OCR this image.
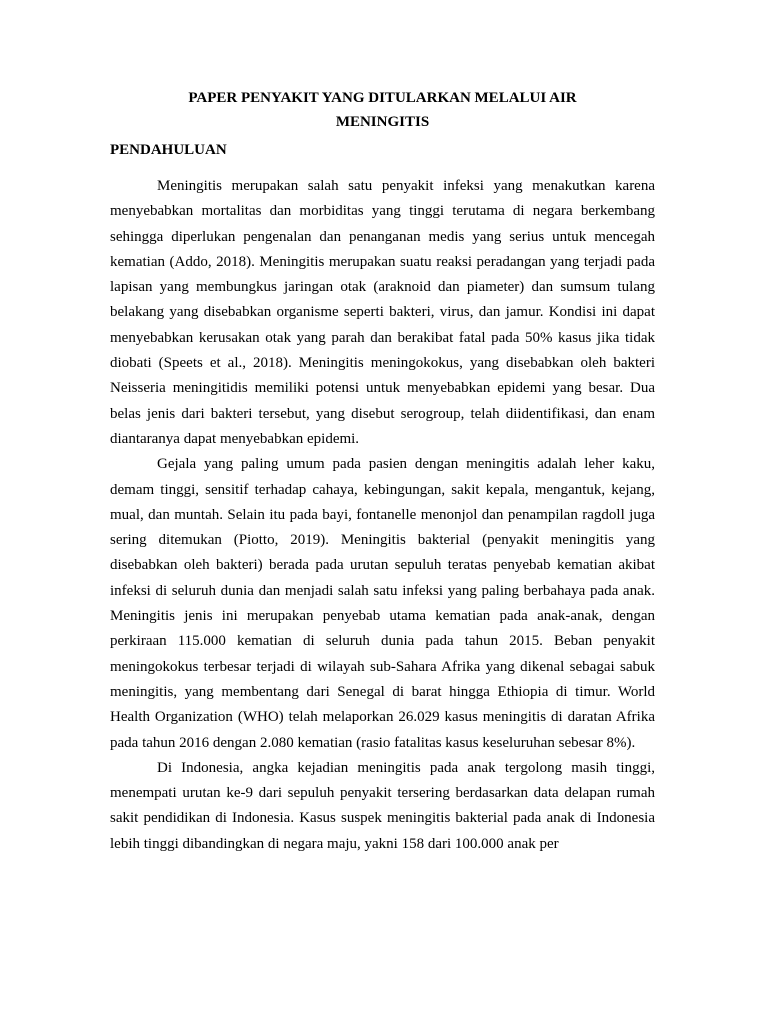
PAPER PENYAKIT YANG DITULARKAN MELALUI AIR

MENINGITIS

PENDAHULUAN

Meningitis merupakan salah satu penyakit infeksi yang menakutkan karena menyebabkan mortalitas dan morbiditas yang tinggi terutama di negara berkembang sehingga diperlukan pengenalan dan penanganan medis yang serius untuk mencegah kematian (Addo, 2018). Meningitis merupakan suatu reaksi peradangan yang terjadi pada lapisan yang membungkus jaringan otak (araknoid dan piameter) dan sumsum tulang belakang yang disebabkan organisme seperti bakteri, virus, dan jamur. Kondisi ini dapat menyebabkan kerusakan otak yang parah dan berakibat fatal pada 50% kasus jika tidak diobati (Speets et al., 2018). Meningitis meningokokus, yang disebabkan oleh bakteri Neisseria meningitidis memiliki potensi untuk menyebabkan epidemi yang besar. Dua belas jenis dari bakteri tersebut, yang disebut serogroup, telah diidentifikasi, dan enam diantaranya dapat menyebabkan epidemi.

Gejala yang paling umum pada pasien dengan meningitis adalah leher kaku, demam tinggi, sensitif terhadap cahaya, kebingungan, sakit kepala, mengantuk, kejang, mual, dan muntah. Selain itu pada bayi, fontanelle menonjol dan penampilan ragdoll juga sering ditemukan (Piotto, 2019). Meningitis bakterial (penyakit meningitis yang disebabkan oleh bakteri) berada pada urutan sepuluh teratas penyebab kematian akibat infeksi di seluruh dunia dan menjadi salah satu infeksi yang paling berbahaya pada anak. Meningitis jenis ini merupakan penyebab utama kematian pada anak-anak, dengan perkiraan 115.000 kematian di seluruh dunia pada tahun 2015. Beban penyakit meningokokus terbesar terjadi di wilayah sub-Sahara Afrika yang dikenal sebagai sabuk meningitis, yang membentang dari Senegal di barat hingga Ethiopia di timur. World Health Organization (WHO) telah melaporkan 26.029 kasus meningitis di daratan Afrika pada tahun 2016 dengan 2.080 kematian (rasio fatalitas kasus keseluruhan sebesar 8%).

Di Indonesia, angka kejadian meningitis pada anak tergolong masih tinggi, menempati urutan ke-9 dari sepuluh penyakit tersering berdasarkan data delapan rumah sakit pendidikan di Indonesia. Kasus suspek meningitis bakterial pada anak di Indonesia lebih tinggi dibandingkan di negara maju, yakni 158 dari 100.000 anak per
